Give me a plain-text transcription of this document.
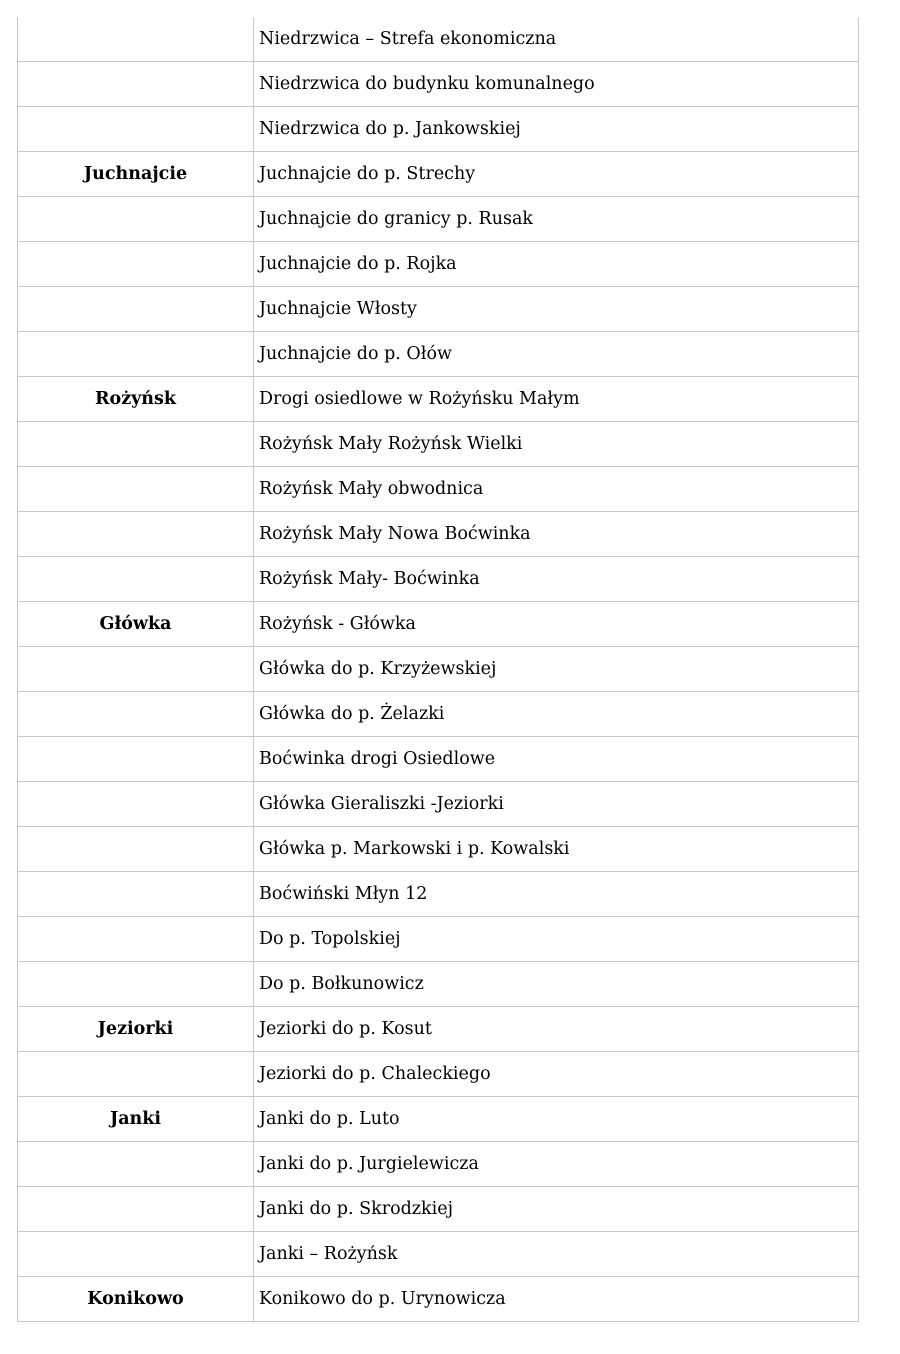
	Niedrzwica – Strefa ekonomiczna
	Niedrzwica do budynku komunalnego
	Niedrzwica do p. Jankowskiej
Juchnajcie	Juchnajcie do p. Strechy
	Juchnajcie do granicy p. Rusak
	Juchnajcie do p. Rojka
	Juchnajcie Włosty
	Juchnajcie do p. Ołów
Rożyńsk	Drogi osiedlowe w Rożyńsku Małym
	Rożyńsk Mały Rożyńsk Wielki
	Rożyńsk Mały obwodnica
	Rożyńsk Mały Nowa Boćwinka
	Rożyńsk Mały- Boćwinka
Główka	Rożyńsk - Główka
	Główka do p. Krzyżewskiej
	Główka do p. Żelazki
	Boćwinka drogi Osiedlowe
	Główka Gieraliszki -Jeziorki
	Główka p. Markowski i p. Kowalski
	Boćwiński Młyn 12
	Do p. Topolskiej
	Do p. Bołkunowicz
Jeziorki	Jeziorki do p. Kosut
	Jeziorki do p. Chaleckiego
Janki	Janki do p. Luto
	Janki do p. Jurgielewicza
	Janki do p. Skrodzkiej
	Janki – Rożyńsk
Konikowo	Konikowo do p. Urynowicza
